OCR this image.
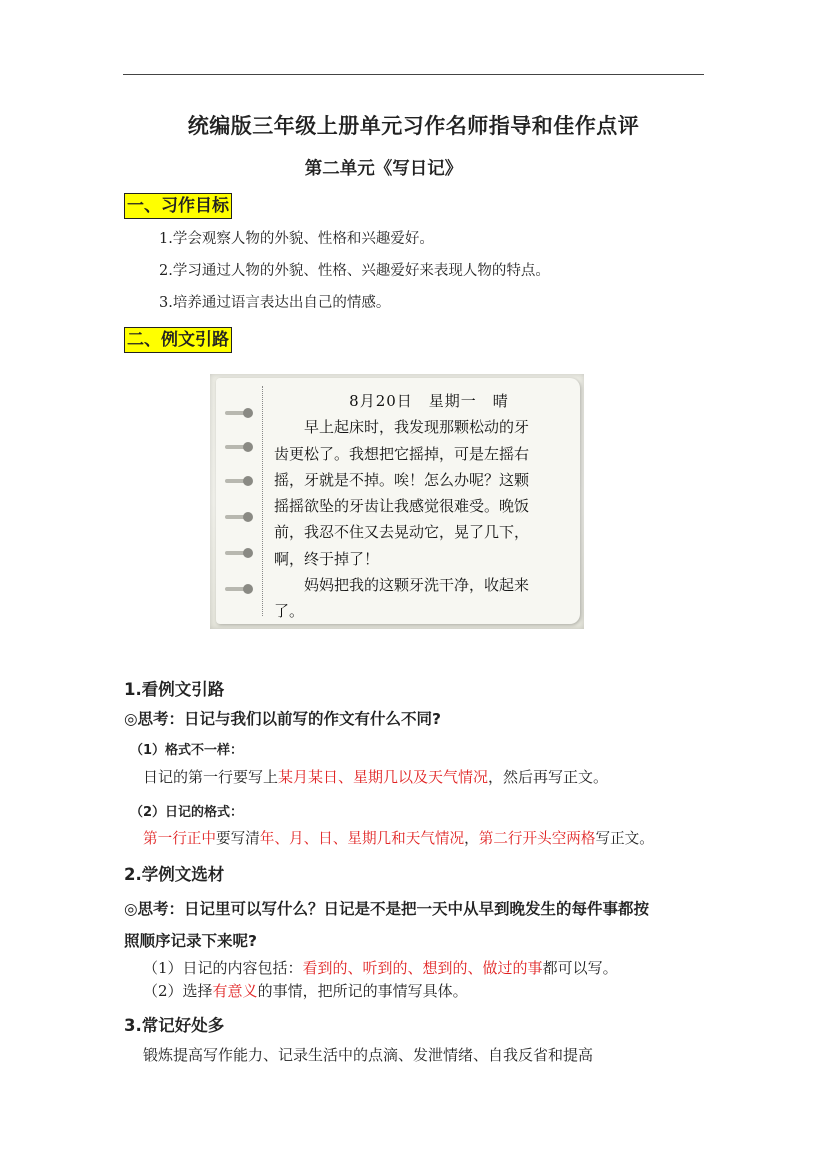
统编版三年级上册单元习作名师指导和佳作点评
第二单元《写日记》
一、习作目标
1.学会观察人物的外貌、性格和兴趣爱好。
2.学习通过人物的外貌、性格、兴趣爱好来表现人物的特点。
3.培养通过语言表达出自己的情感。
二、例文引路
8月20日　星期一　晴
　　早上起床时，我发现那颗松动的牙
齿更松了。我想把它摇掉，可是左摇右
摇，牙就是不掉。唉！怎么办呢？这颗
摇摇欲坠的牙齿让我感觉很难受。晚饭
前，我忍不住又去晃动它，晃了几下，
啊，终于掉了！
　　妈妈把我的这颗牙洗干净，收起来
了。
1.看例文引路
◎思考：日记与我们以前写的作文有什么不同?
（1）格式不一样：
日记的第一行要写上某月某日、星期几以及天气情况，然后再写正文。
（2）日记的格式：
第一行正中要写清年、月、日、星期几和天气情况，第二行开头空两格写正文。
2.学例文选材
◎思考：日记里可以写什么？日记是不是把一天中从早到晚发生的每件事都按
照顺序记录下来呢?
（1）日记的内容包括：看到的、听到的、想到的、做过的事都可以写。
（2）选择有意义的事情，把所记的事情写具体。
3.常记好处多
锻炼提高写作能力、记录生活中的点滴、发泄情绪、自我反省和提高
